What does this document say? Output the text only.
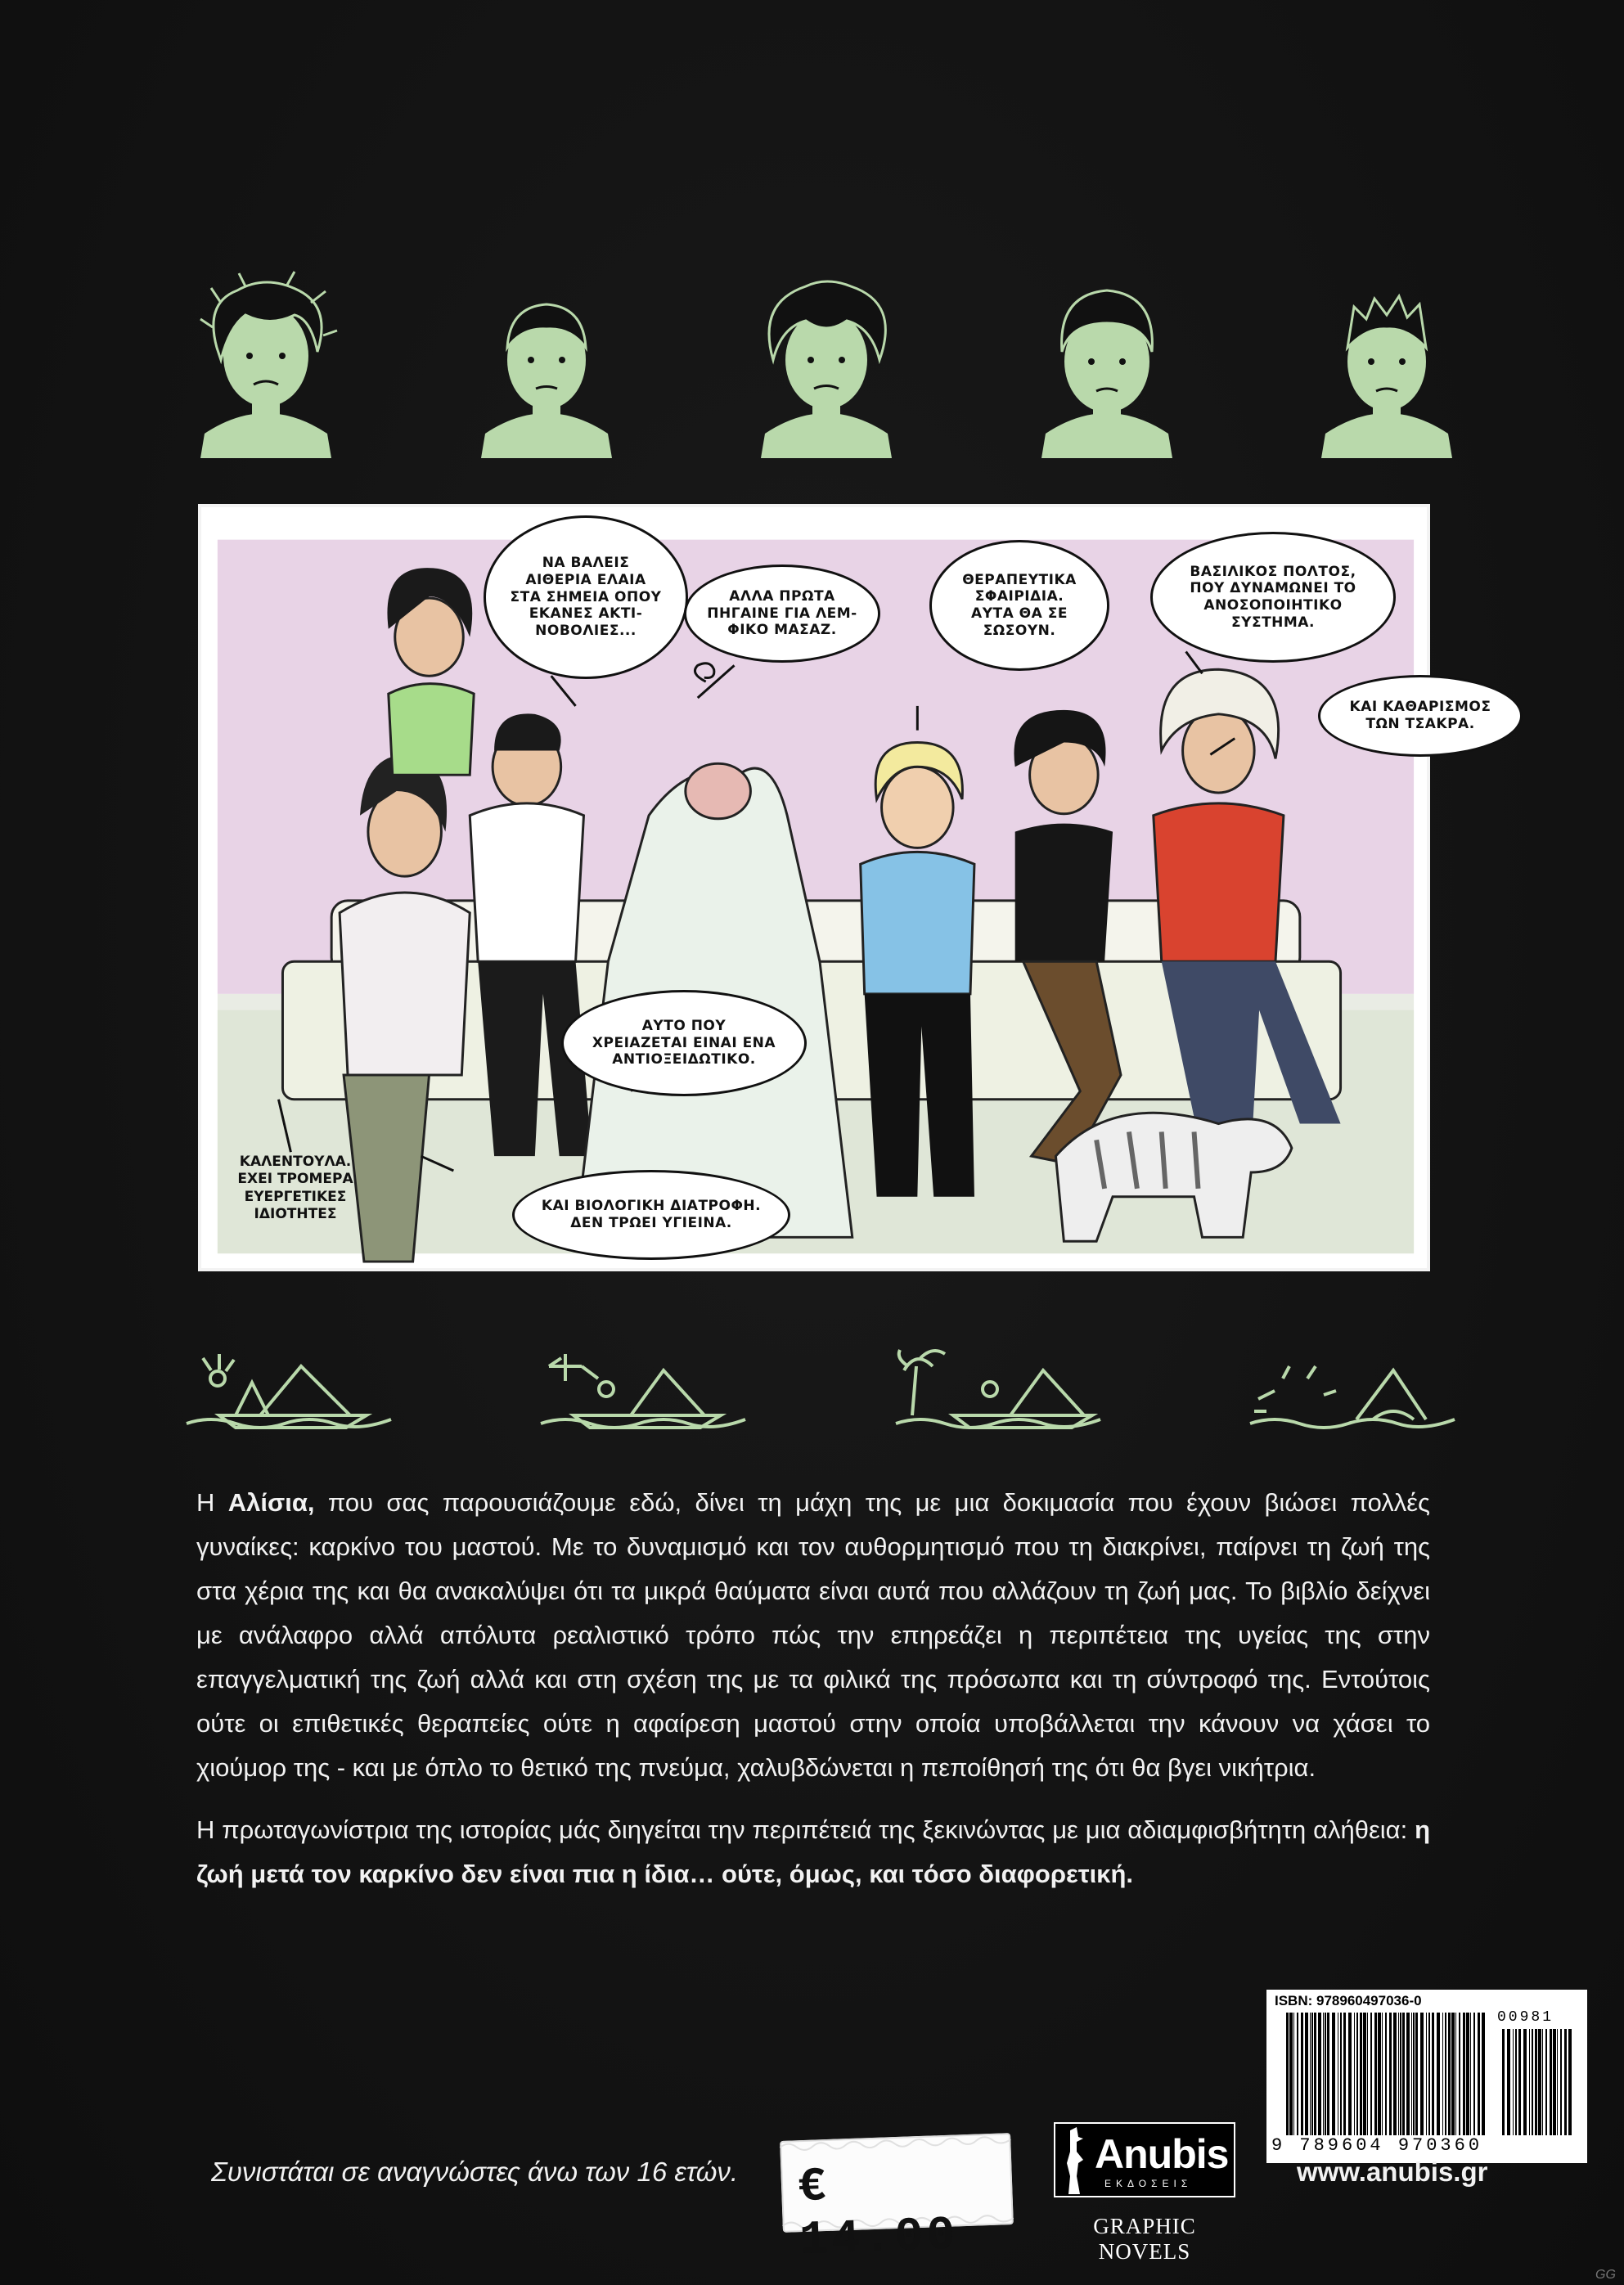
ΝΑ ΒΑΛΕΙΣ
ΑΙΘΕΡΙΑ ΕΛΑΙΑ
ΣΤΑ ΣΗΜΕΙΑ ΟΠΟΥ
ΕΚΑΝΕΣ ΑΚΤΙ-
ΝΟΒΟΛΙΕΣ...
ΑΛΛΑ ΠΡΩΤΑ
ΠΗΓΑΙΝΕ ΓΙΑ ΛΕΜ-
ΦΙΚΟ ΜΑΣΑΖ.
ΘΕΡΑΠΕΥΤΙΚΑ
ΣΦΑΙΡΙΔΙΑ.
ΑΥΤΑ ΘΑ ΣΕ
ΣΩΣΟΥΝ.
ΒΑΣΙΛΙΚΟΣ ΠΟΛΤΟΣ,
ΠΟΥ ΔΥΝΑΜΩΝΕΙ ΤΟ
ΑΝΟΣΟΠΟΙΗΤΙΚΟ
ΣΥΣΤΗΜΑ.
ΚΑΙ ΚΑΘΑΡΙΣΜΟΣ
ΤΩΝ ΤΣΑΚΡΑ.
ΑΥΤΟ ΠΟΥ
ΧΡΕΙΑΖΕΤΑΙ ΕΙΝΑΙ ΕΝΑ
ΑΝΤΙΟΞΕΙΔΩΤΙΚΟ.
ΚΑΛΕΝΤΟΥΛΑ.
ΕΧΕΙ ΤΡΟΜΕΡΑ
ΕΥΕΡΓΕΤΙΚΕΣ
ΙΔΙΟΤΗΤΕΣ	ΚΑΙ ΒΙΟΛΟΓΙΚΗ ΔΙΑΤΡΟΦΗ.
ΔΕΝ ΤΡΩΕΙ ΥΓΙΕΙΝΑ.

Η Αλίσια, που σας παρουσιάζουμε εδώ, δίνει τη μάχη της με μια δοκιμασία που έχουν βιώσει πολλές γυναίκες: καρκίνο του μαστού. Με το δυναμισμό και τον αυθορμητισμό που τη διακρίνει, παίρνει τη ζωή της στα χέρια της και θα ανακαλύψει ότι τα μικρά θαύματα είναι αυτά που αλλάζουν τη ζωή μας. Το βιβλίο δείχνει με ανάλαφρο αλλά απόλυτα ρεαλιστικό τρόπο πώς την επηρεάζει η περιπέτεια της υγείας της στην επαγγελματική της ζωή αλλά και στη σχέση της με τα φιλικά της πρόσωπα και τη σύντροφό της. Εντούτοις ούτε οι επιθετικές θεραπείες ούτε η αφαίρεση μαστού στην οποία υποβάλλεται την κάνουν να χάσει το χιούμορ της - και με όπλο το θετικό της πνεύμα, χαλυβδώνεται η πεποίθησή της ότι θα βγει νικήτρια.

Η πρωταγωνίστρια της ιστορίας μάς διηγείται την περιπέτειά της ξεκινώντας με μια αδιαμφισβήτητη αλήθεια: η ζωή μετά τον καρκίνο δεν είναι πια η ίδια… ούτε, όμως, και τόσο διαφορετική.

ISBN: 978960497036-0
00981
9 789604 970360
€ 14.00
Anubis
ΕΚΔΟΣΕΙΣ
GRAPHIC NOVELS
Συνιστάται σε αναγνώστες άνω των 16 ετών.	www.anubis.gr
GG
